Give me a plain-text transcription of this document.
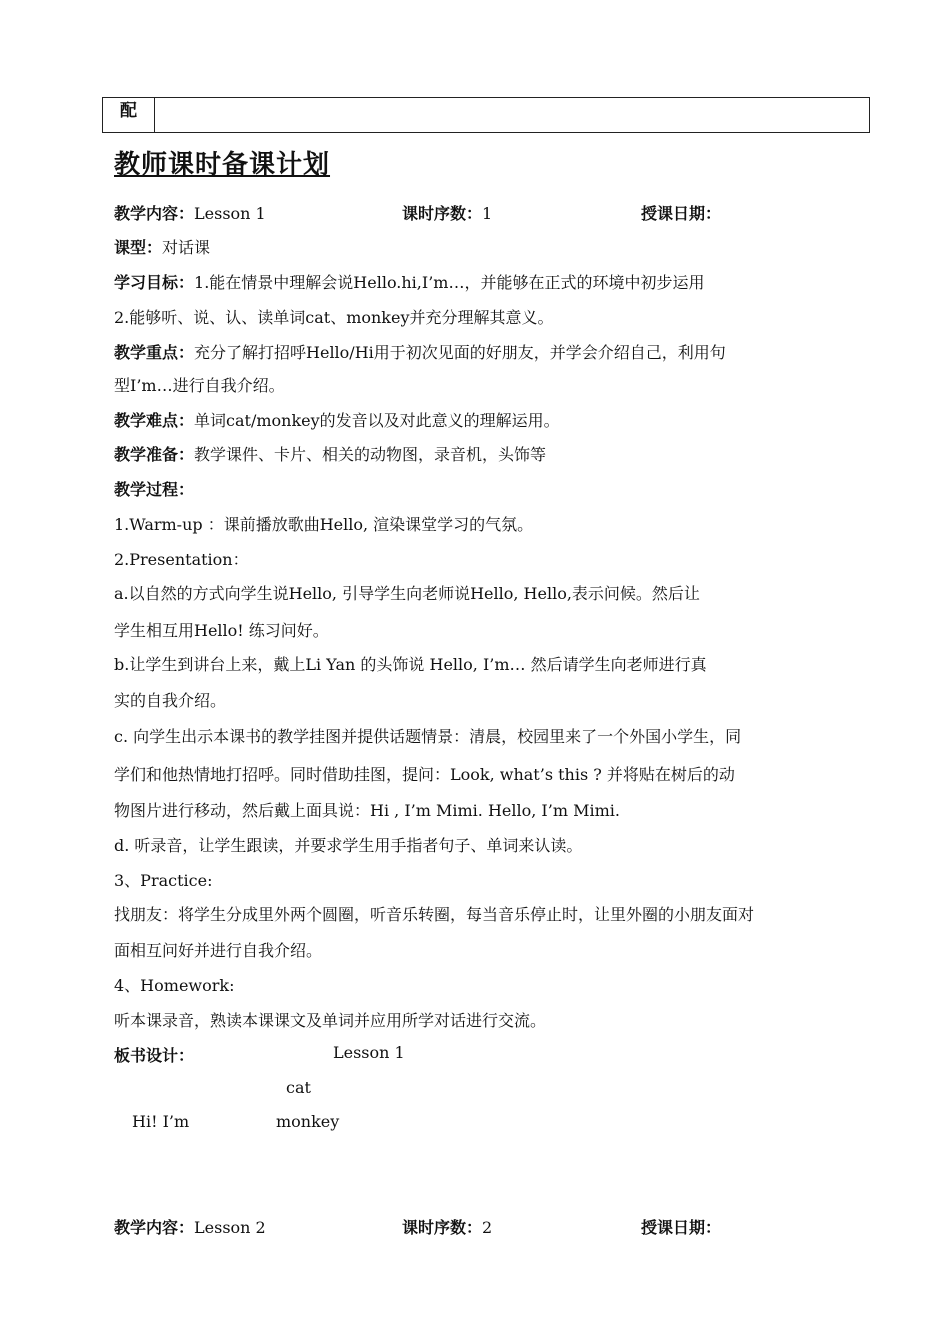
配
教师课时备课计划
教学内容：Lesson 1	课时序数：1	授课日期：
课型：对话课
学习目标：1.能在情景中理解会说Hello.hi,I’m…，并能够在正式的环境中初步运用
2.能够听、说、认、读单词cat、monkey并充分理解其意义。
教学重点：充分了解打招呼Hello/Hi用于初次见面的好朋友，并学会介绍自己，利用句
型I’m…进行自我介绍。
教学难点：单词cat/monkey的发音以及对此意义的理解运用。
教学准备：教学课件、卡片、相关的动物图，录音机，头饰等
教学过程：
1.Warm-up ：课前播放歌曲Hello, 渲染课堂学习的气氛。
2.Presentation：
a.以自然的方式向学生说Hello, 引导学生向老师说Hello, Hello,表示问候。然后让
学生相互用Hello! 练习问好。
b.让学生到讲台上来，戴上Li Yan 的头饰说 Hello, I’m… 然后请学生向老师进行真
实的自我介绍。
c. 向学生出示本课书的教学挂图并提供话题情景：清晨，校园里来了一个外国小学生，同
学们和他热情地打招呼。同时借助挂图，提问：Look, what’s this ? 并将贴在树后的动
物图片进行移动，然后戴上面具说：Hi , I’m Mimi. Hello, I’m Mimi.
d. 听录音，让学生跟读，并要求学生用手指者句子、单词来认读。
3、Practice:
找朋友：将学生分成里外两个圆圈，听音乐转圈，每当音乐停止时，让里外圈的小朋友面对
面相互问好并进行自我介绍。
4、Homework:
听本课录音，熟读本课课文及单词并应用所学对话进行交流。
板书设计：	Lesson 1
cat
Hi! I’m	monkey
教学内容：Lesson 2	课时序数：2	授课日期：
